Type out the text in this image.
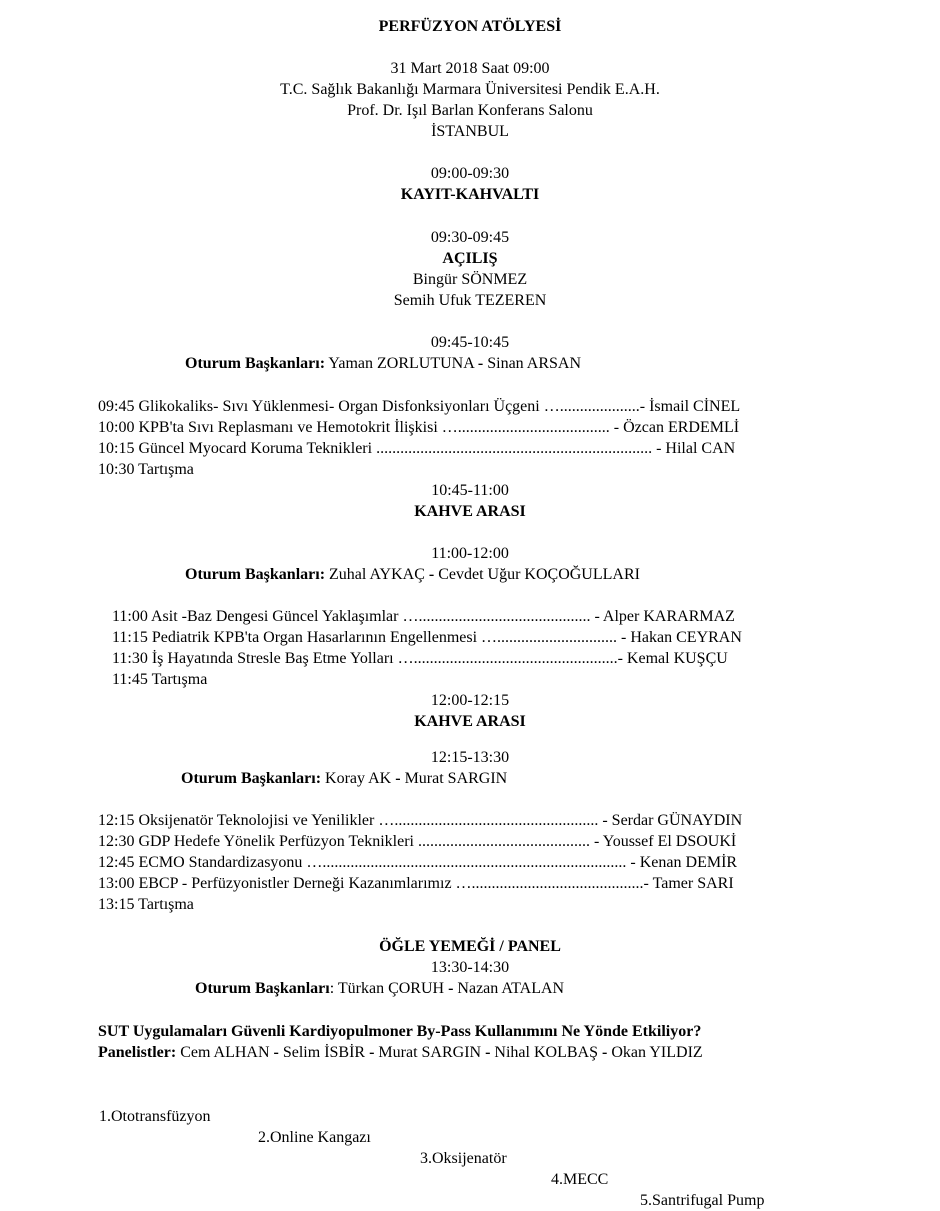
PERFÜZYON ATÖLYESİ
31 Mart 2018 Saat 09:00
T.C. Sağlık Bakanlığı Marmara Üniversitesi Pendik E.A.H.
Prof. Dr. Işıl Barlan Konferans Salonu
İSTANBUL
09:00-09:30
KAYIT-KAHVALTI
09:30-09:45
AÇILIŞ
Bingür SÖNMEZ
Semih Ufuk TEZEREN
09:45-10:45
Oturum Başkanları: Yaman ZORLUTUNA - Sinan ARSAN
09:45 Glikokaliks- Sıvı Yüklenmesi- Organ Disfonksiyonları Üçgeni …....................- İsmail CİNEL
10:00 KPB'ta Sıvı Replasmanı ve Hemotokrit İlişkisi …...................................... - Özcan ERDEMLİ
10:15 Güncel Myocard Koruma Teknikleri ..................................................................... - Hilal CAN
10:30 Tartışma
10:45-11:00
KAHVE ARASI
11:00-12:00
Oturum Başkanları: Zuhal AYKAÇ - Cevdet Uğur KOÇOĞULLARI
11:00 Asit -Baz Dengesi Güncel Yaklaşımlar …........................................... - Alper KARARMAZ
11:15 Pediatrik KPB'ta Organ Hasarlarının Engellenmesi ….............................. - Hakan CEYRAN
11:30 İş Hayatında Stresle Baş Etme Yolları …...................................................- Kemal KUŞÇU
11:45 Tartışma
12:00-12:15
KAHVE ARASI
12:15-13:30
Oturum Başkanları: Koray AK - Murat SARGIN
12:15 Oksijenatör Teknolojisi ve Yenilikler …................................................... - Serdar GÜNAYDIN
12:30 GDP Hedefe Yönelik Perfüzyon Teknikleri ........................................... - Youssef El DSOUKİ
12:45 ECMO Standardizasyonu …............................................................................ - Kenan DEMİR
13:00 EBCP - Perfüzyonistler Derneği Kazanımlarımız …...........................................- Tamer SARI
13:15 Tartışma
ÖĞLE YEMEĞİ / PANEL
13:30-14:30
Oturum Başkanları: Türkan ÇORUH - Nazan ATALAN
SUT Uygulamaları Güvenli Kardiyopulmoner By-Pass Kullanımını Ne Yönde Etkiliyor?
Panelistler: Cem ALHAN - Selim İSBİR - Murat SARGIN - Nihal KOLBAŞ - Okan YILDIZ

1.Ototransfüzyon

2.Online Kangazı

3.Oksijenatör

4.MECC

5.Santrifugal Pump
